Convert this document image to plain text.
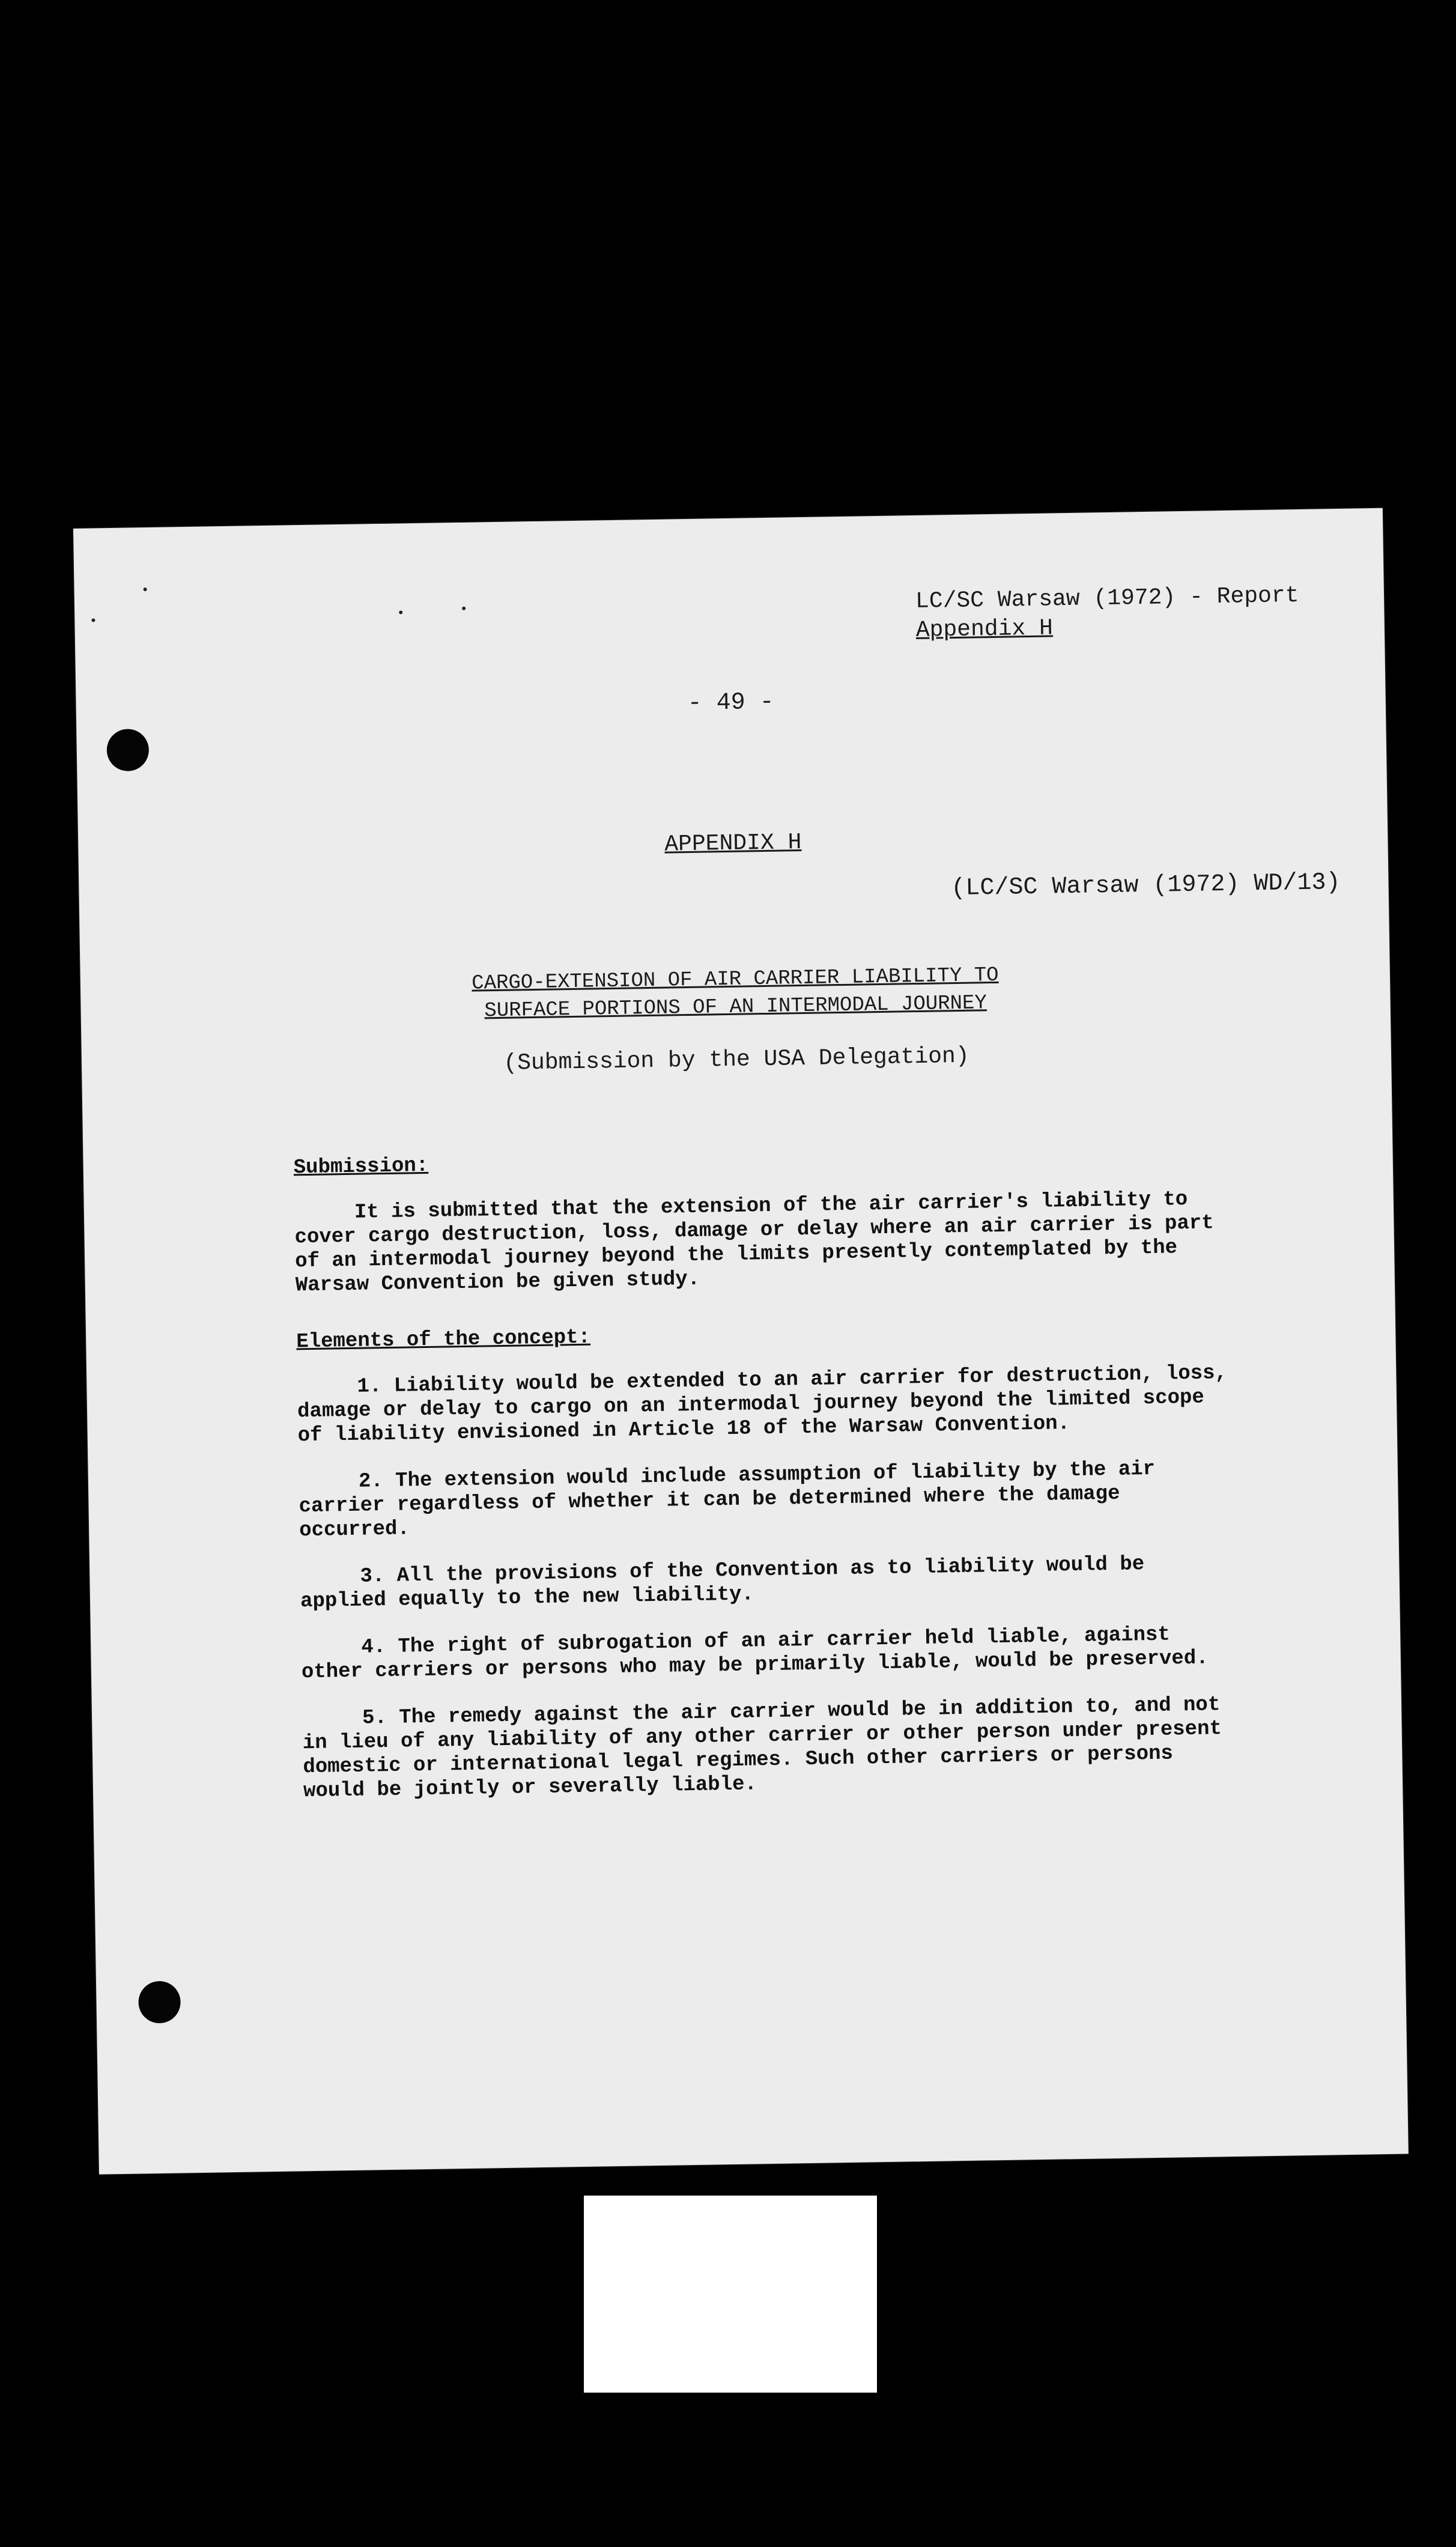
LC/SC Warsaw (1972) - Report
Appendix H
- 49 -
APPENDIX H
(LC/SC Warsaw (1972) WD/13)
CARGO-EXTENSION OF AIR CARRIER LIABILITY TO
SURFACE PORTIONS OF AN INTERMODAL JOURNEY
(Submission by the USA Delegation)
Submission:

It is submitted that the extension of the air carrier's liability to cover cargo destruction, loss, damage or delay where an air carrier is part of an intermodal journey beyond the limits presently contemplated by the Warsaw Convention be given study.

Elements of the concept:

1. Liability would be extended to an air carrier for destruction, loss, damage or delay to cargo on an intermodal journey beyond the limited scope of liability envisioned in Article 18 of the Warsaw Convention.

2. The extension would include assumption of liability by the air carrier regardless of whether it can be determined where the damage occurred.

3. All the provisions of the Convention as to liability would be applied equally to the new liability.

4. The right of subrogation of an air carrier held liable, against other carriers or persons who may be primarily liable, would be preserved.

5. The remedy against the air carrier would be in addition to, and not in lieu of any liability of any other carrier or other person under present domestic or international legal regimes. Such other carriers or persons would be jointly or severally liable.
